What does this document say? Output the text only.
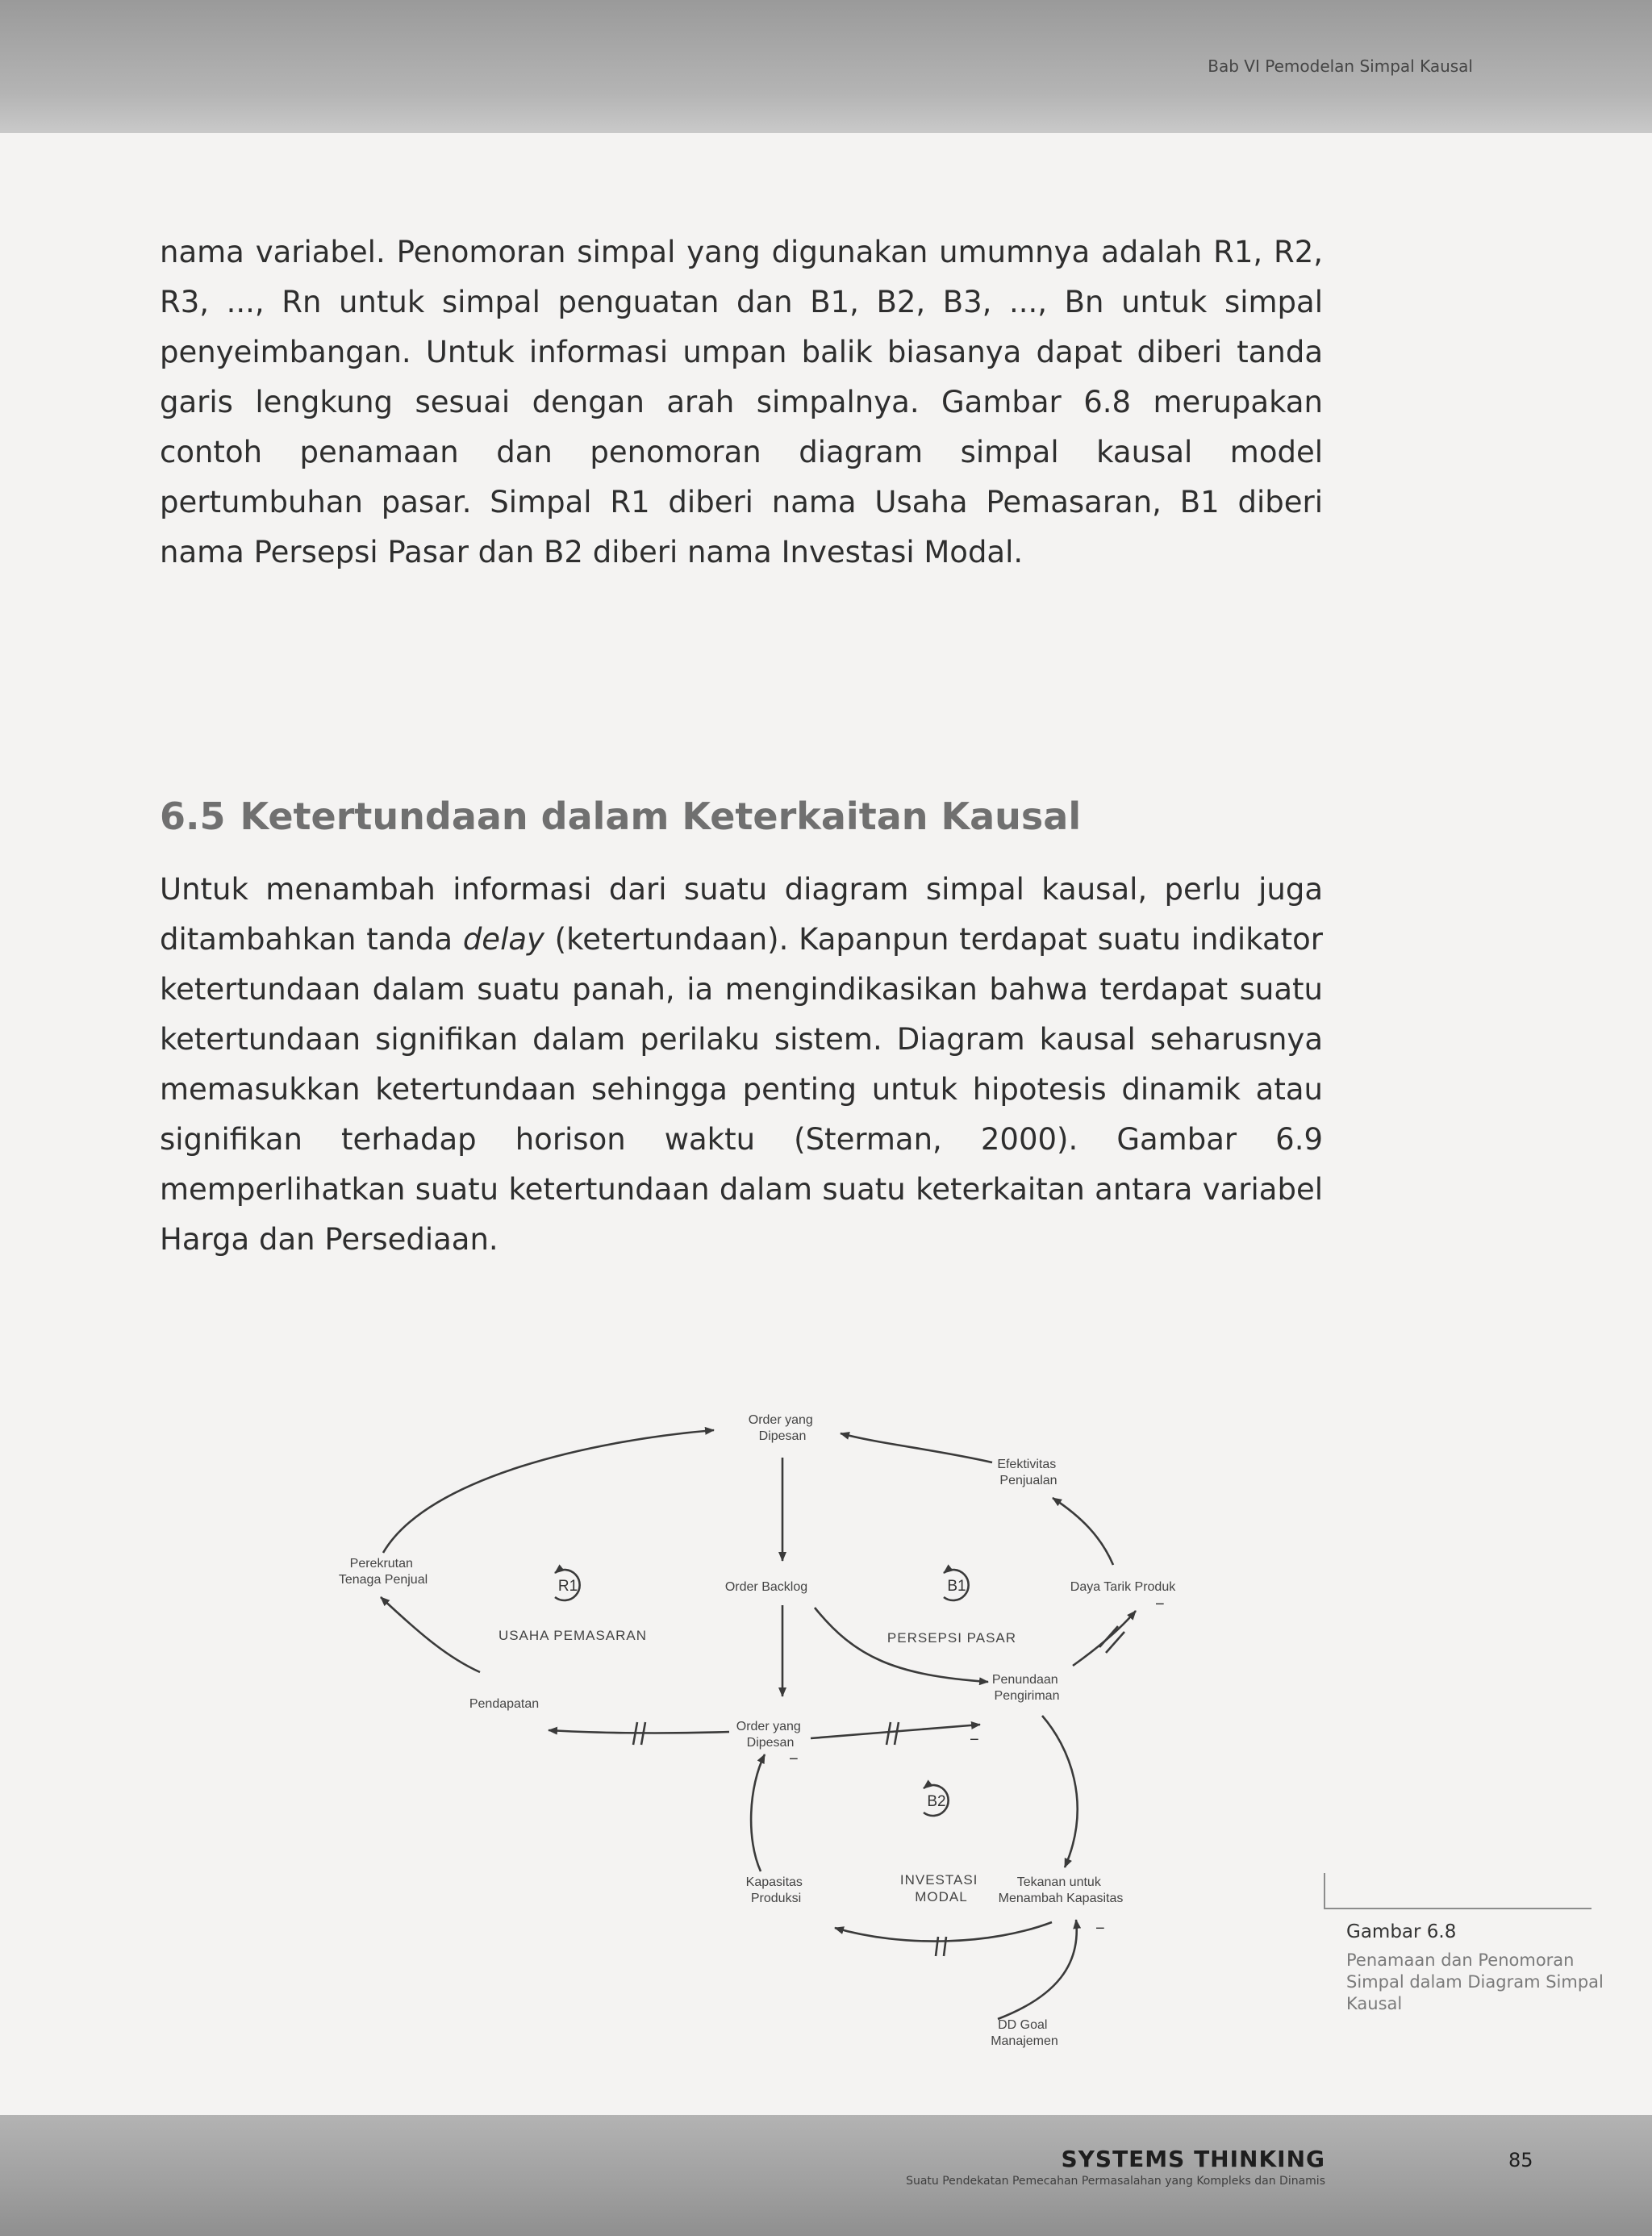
Bab VI Pemodelan Simpal Kausal

nama variabel. Penomoran simpal yang digunakan umumnya adalah R1, R2, R3, ..., Rn untuk simpal penguatan dan B1, B2, B3, ..., Bn untuk simpal penyeimbangan. Untuk informasi umpan balik biasanya dapat diberi tanda garis lengkung sesuai dengan arah simpalnya. Gambar 6.8 merupakan contoh penamaan dan penomoran diagram simpal kausal model pertumbuhan pasar. Simpal R1 diberi nama Usaha Pemasaran, B1 diberi nama Persepsi Pasar dan B2 diberi nama Investasi Modal.

6.5 Ketertundaan dalam Keterkaitan Kausal

Untuk menambah informasi dari suatu diagram simpal kausal, perlu juga ditambahkan tanda delay (ketertundaan). Kapanpun terdapat suatu indikator ketertundaan dalam suatu panah, ia mengindikasikan bahwa terdapat suatu ketertundaan signifikan dalam perilaku sistem. Diagram kausal seharusnya memasukkan ketertundaan sehingga penting untuk hipotesis dinamik atau signifikan terhadap horison waktu (Sterman, 2000). Gambar 6.9 memperlihatkan suatu ketertundaan dalam suatu keterkaitan antara variabel Harga dan Persediaan.

Order yang Dipesan
Efektivitas Penjualan
Perekrutan Tenaga Penjual
Order Backlog	Daya Tarik Produk
Pendapatan
Order yang Dipesan
Penundaan Pengiriman
Kapasitas Produksi
Tekanan untuk Menambah Kapasitas
DD Goal Manajemen
R1
USAHA PEMASARAN
B1
PERSEPSI PASAR
B2
INVESTASI MODAL
−
−
−
−	Gambar 6.8
Penamaan dan Penomoran Simpal dalam Diagram Simpal Kausal
SYSTEMS THINKING
Suatu Pendekatan Pemecahan Permasalahan yang Kompleks dan Dinamis
85
